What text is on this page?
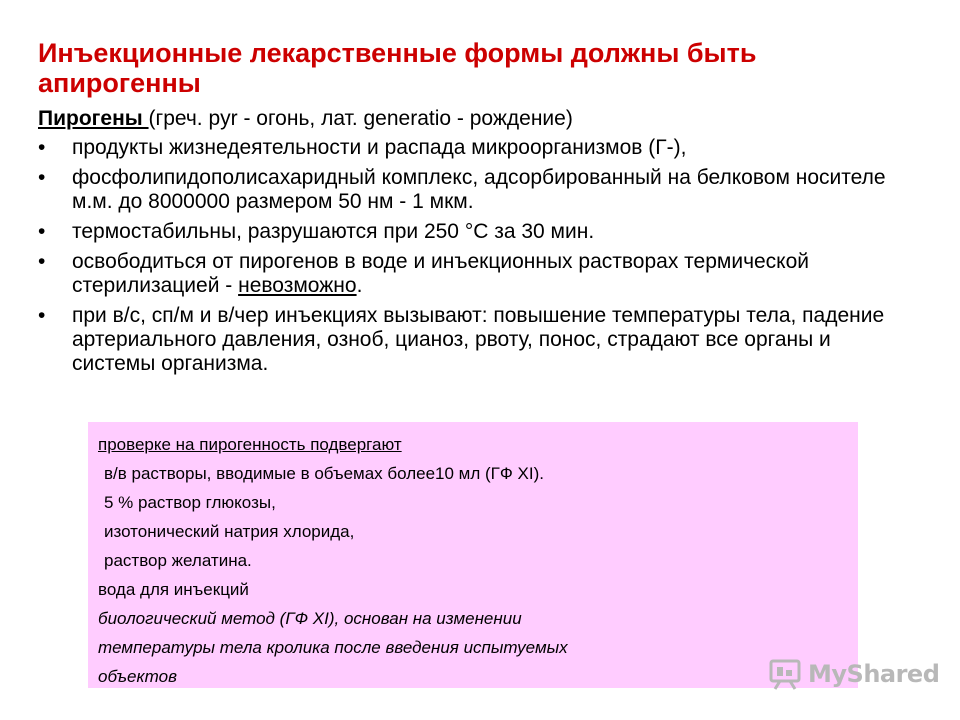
Инъекционные лекарственные формы должны быть апирогенны
Пирогены (греч. pyr - огонь, лат. generatio - рождение)
•	продукты жизнедеятельности и распада микроорганизмов (Г-),
•	фосфолипидополисахаридный комплекс, адсорбированный на белковом носителе м.м. до 8000000 размером 50 нм - 1 мкм.
•	термостабильны, разрушаются при 250 °С за 30 мин.
•	освободиться от пирогенов в воде и инъекционных растворах термической стерилизацией - невозможно.
•	при в/с, сп/м и в/чер инъекциях вызывают: повышение температуры тела, падение артериального давления, озноб, цианоз, рвоту, понос, страдают все органы и системы организма.
проверке на пирогенность подвергают
в/в растворы, вводимые в объемах более10 мл (ГФ XI).
5 % раствор глюкозы,
изотонический натрия хлорида,
раствор желатина.
вода для инъекций
биологический метод (ГФ XI), основан на изменении
температуры тела кролика после введения испытуемых
объектов	MyShared
